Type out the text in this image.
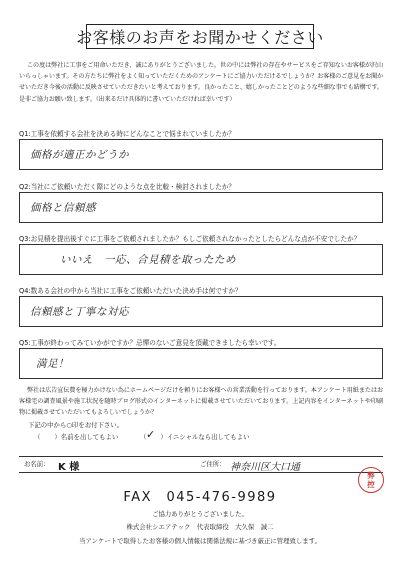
お客様のお声をお聞かせください

この度は弊社に工事をご用命いただき、誠にありがとうございました。世の中には弊社の存在やサービスをご存知ないお客様が沢山いらっしゃいます。その方たちに弊社をよく知っていただくためのアンケートにご協力いただけるでしょうか？お客様のご意見をお聞かせいただき今後の活動に反映させていただきたいと考えております。良かったこと、嬉しかったことどのような些細な事でも結構です。是非ご協力お願い致します。（出来るだけ具体的に書いていただければ幸いです）

Q1:工事を依頼する会社を決める時にどんなことで悩まれていましたか？
価格が適正かどうか
Q2:当社にご依頼いただく際にどのような点を比較・検討されましたか？
価格と信頼感
Q3:お見積を提出後すぐに工事をご依頼されましたか？もしご依頼されなかったとしたらどんな点が不安でしたか？
いいえ　一応、合見積を取ったため
Q4:数ある会社の中から当社に工事をご依頼いただいた決め手は何ですか？
信頼感と丁寧な対応
Q5:工事が終わってみていかがですか？忌憚のないご意見を頂戴できましたら幸いです。
満足！

弊社は広告宣伝費を極力かけない為にホームページだけを頼りにお客様への営業活動を行っております。本アンケート用紙またはお客様宅の調査風景や施工状況を随時ブログ形式のインターネットに掲載させていただいております。上記内容をインターネットや印刷物に掲載させていただいてもよろしいでしょうか？

下記の中から○印をお付下さい。
（ ）名前を出してもよい	（ ）イニシャルなら出してもよい
✓
お名前： K 様	ご住所： 神奈川区大口通
FAX　045-476-9989
ご協力ありがとうございました。
株式会社シエアテック　代表取締役　大久保　誠二
当アンケートで取得したお客様の個人情報は関係法規に基づき厳正に管理致します。
弊
控
